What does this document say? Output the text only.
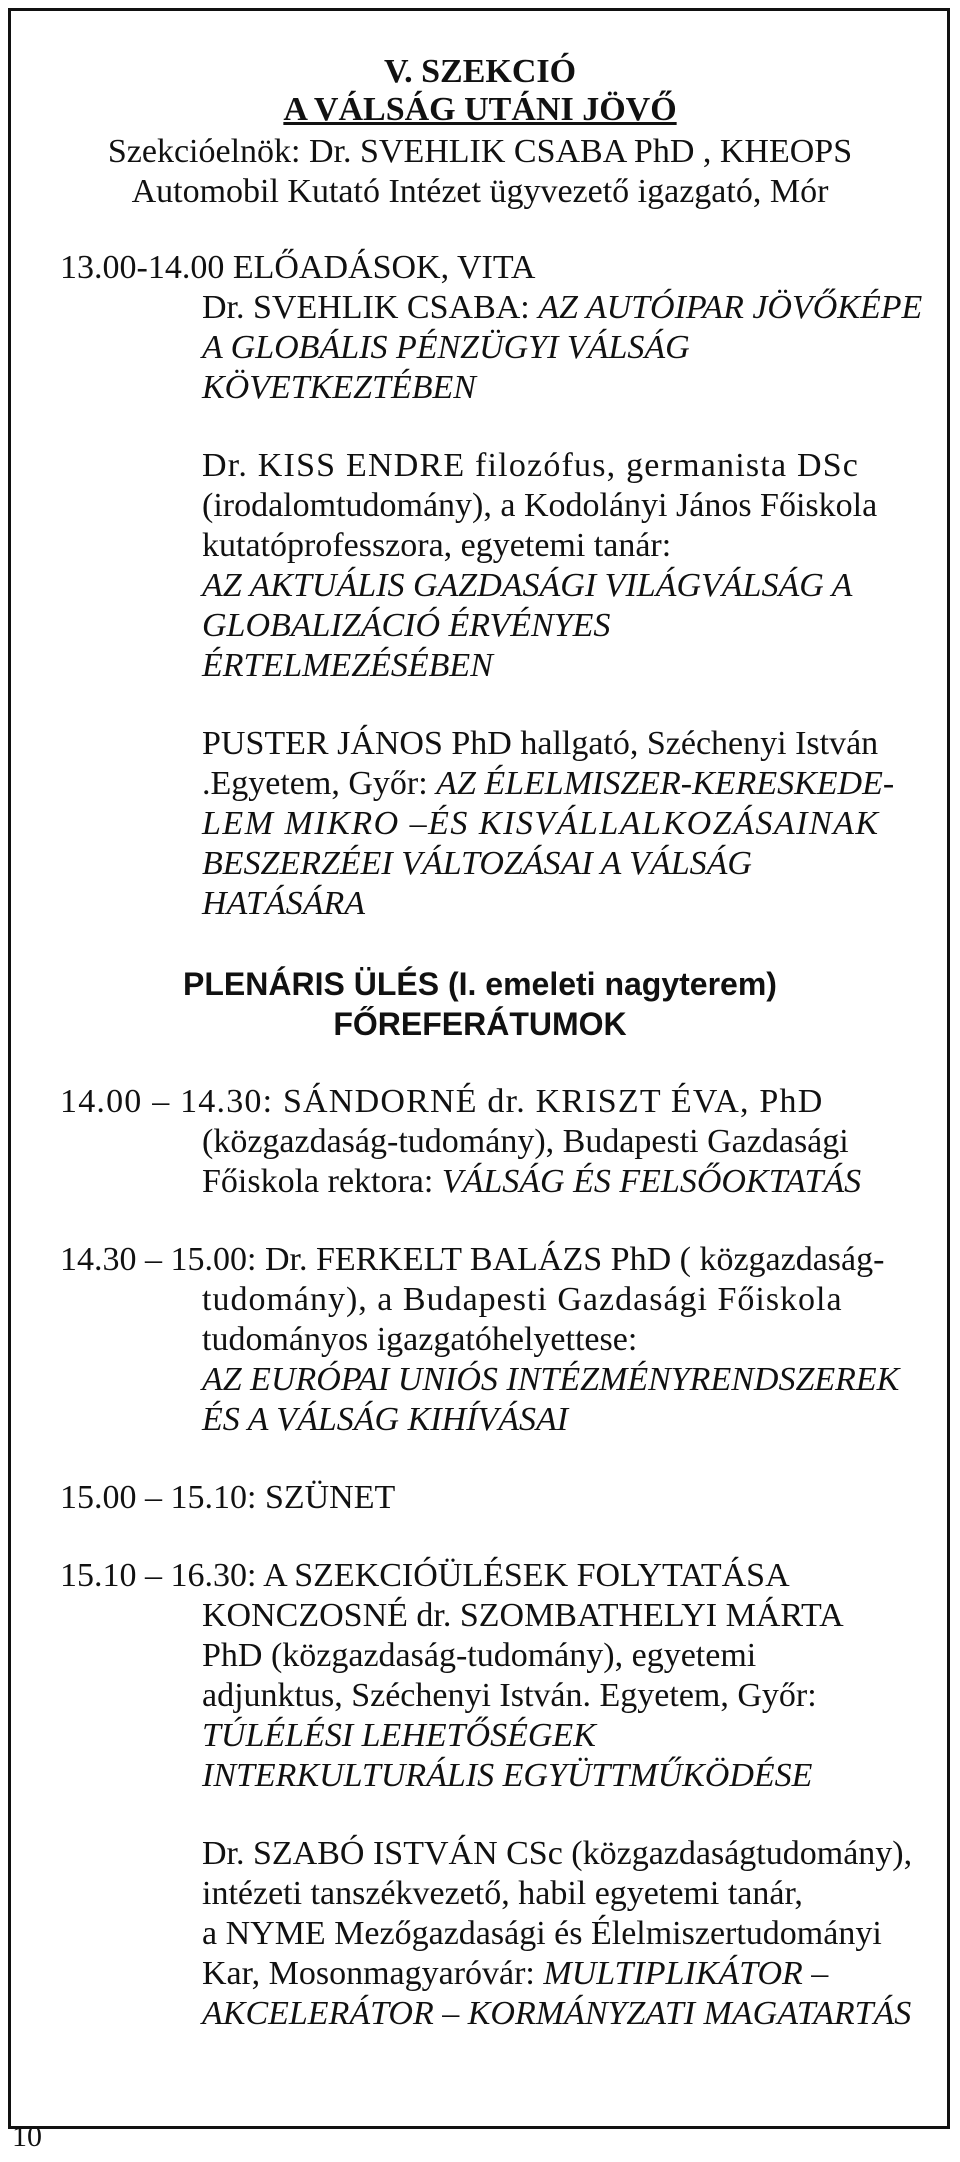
V. SZEKCIÓ
A VÁLSÁG UTÁNI JÖVŐ
Szekcióelnök: Dr. SVEHLIK CSABA PhD , KHEOPS
Automobil Kutató Intézet ügyvezető igazgató, Mór
13.00-14.00 ELŐADÁSOK, VITA
Dr. SVEHLIK CSABA: AZ AUTÓIPAR JÖVŐKÉPE
A GLOBÁLIS PÉNZÜGYI VÁLSÁG
KÖVETKEZTÉBEN
Dr. KISS ENDRE filozófus, germanista DSc
(irodalomtudomány), a Kodolányi János Főiskola
kutatóprofesszora, egyetemi tanár:
AZ AKTUÁLIS GAZDASÁGI VILÁGVÁLSÁG A
GLOBALIZÁCIÓ ÉRVÉNYES
ÉRTELMEZÉSÉBEN
PUSTER JÁNOS PhD hallgató, Széchenyi István
.Egyetem, Győr: AZ ÉLELMISZER-KERESKEDE-
LEM MIKRO –ÉS KISVÁLLALKOZÁSAINAK
BESZERZÉEI VÁLTOZÁSAI A VÁLSÁG
HATÁSÁRA
PLENÁRIS ÜLÉS (I. emeleti nagyterem)
FŐREFERÁTUMOK
14.00 – 14.30: SÁNDORNÉ dr. KRISZT ÉVA, PhD
(közgazdaság-tudomány), Budapesti Gazdasági
Főiskola rektora: VÁLSÁG ÉS FELSŐOKTATÁS
14.30 – 15.00: Dr. FERKELT BALÁZS PhD ( közgazdaság-
tudomány), a Budapesti Gazdasági Főiskola
tudományos igazgatóhelyettese:
AZ EURÓPAI UNIÓS INTÉZMÉNYRENDSZEREK
ÉS A VÁLSÁG KIHÍVÁSAI
15.00 – 15.10: SZÜNET
15.10 – 16.30: A SZEKCIÓÜLÉSEK FOLYTATÁSA
KONCZOSNÉ dr. SZOMBATHELYI MÁRTA
PhD (közgazdaság-tudomány), egyetemi
adjunktus, Széchenyi István. Egyetem, Győr:
TÚLÉLÉSI LEHETŐSÉGEK
INTERKULTURÁLIS EGYÜTTMŰKÖDÉSE
Dr. SZABÓ ISTVÁN CSc (közgazdaságtudomány),
intézeti tanszékvezető, habil egyetemi tanár,
a NYME Mezőgazdasági és Élelmiszertudományi
Kar, Mosonmagyaróvár: MULTIPLIKÁTOR –
AKCELERÁTOR – KORMÁNYZATI MAGATARTÁS
10
